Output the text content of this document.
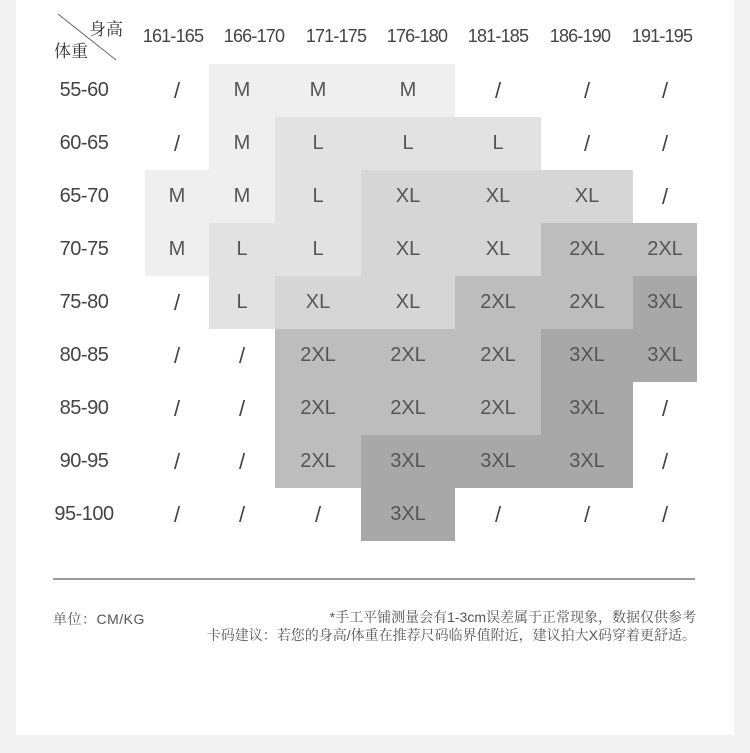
身高
体重
161-165	166-170	171-175	176-180	181-185	186-190	191-195
55-60	/	M	M	M	/	/	/
60-65	/	M	L	L	L	/	/
65-70	M	M	L	XL	XL	XL	/
70-75	M	L	L	XL	XL	2XL	2XL
75-80	/	L	XL	XL	2XL	2XL	3XL
80-85	/	/	2XL	2XL	2XL	3XL	3XL
85-90	/	/	2XL	2XL	2XL	3XL	/
90-95	/	/	2XL	3XL	3XL	3XL	/
95-100	/	/	/	3XL	/	/	/
单位：CM/KG	*手工平铺测量会有1-3cm误差属于正常现象，数据仅供参考
卡码建议：若您的身高/体重在推荐尺码临界值附近，建议拍大X码穿着更舒适。
